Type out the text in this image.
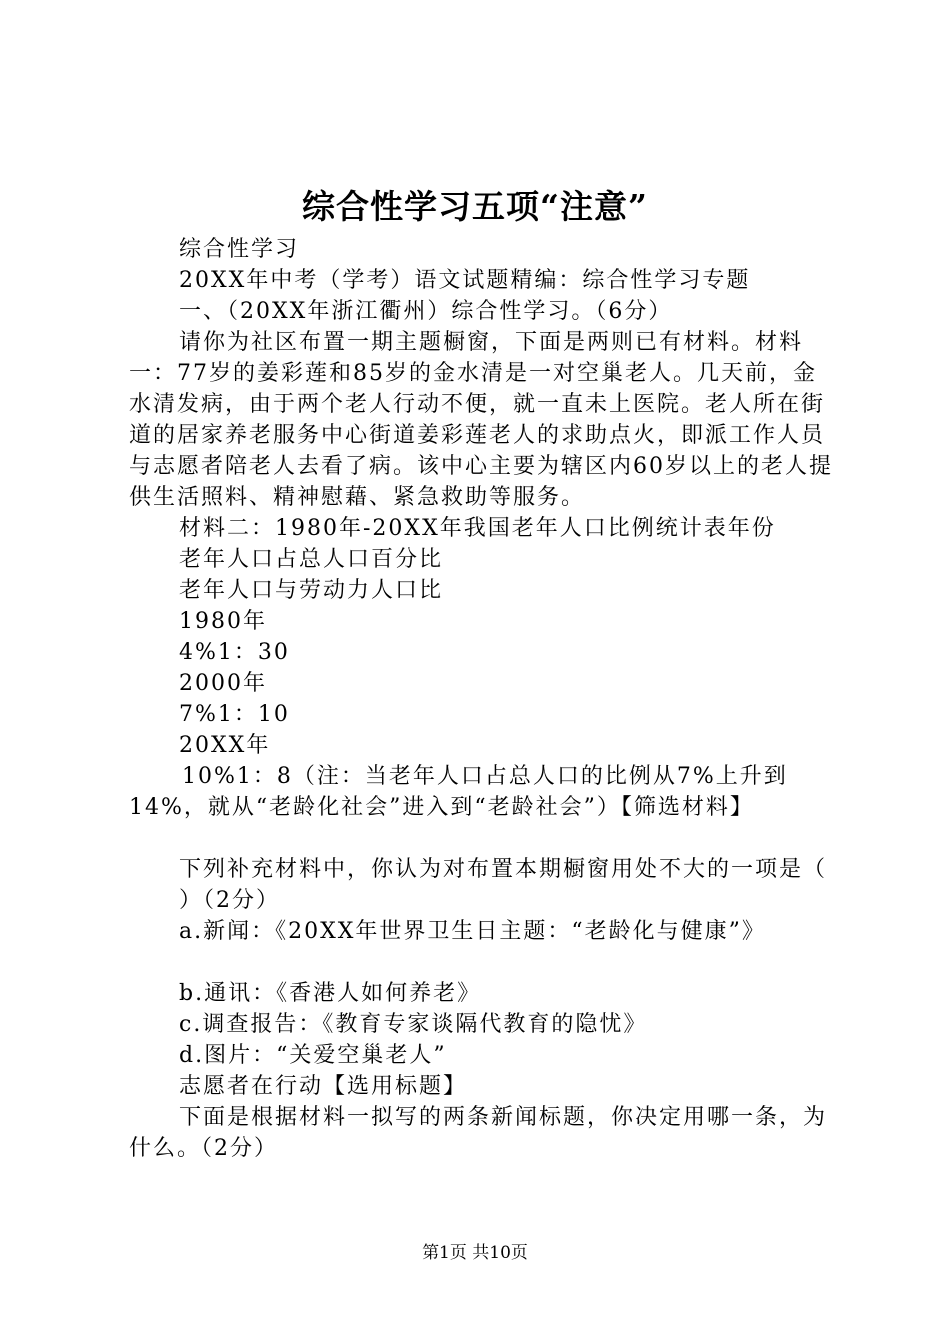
综合性学习五项“注意”

综合性学习

20XX年中考（学考）语文试题精编：综合性学习专题

一、（20XX年浙江衢州）综合性学习。（6分）

请你为社区布置一期主题橱窗，下面是两则已有材料。材料一：77岁的姜彩莲和85岁的金水清是一对空巢老人。几天前，金水清发病，由于两个老人行动不便，就一直未上医院。老人所在街道的居家养老服务中心街道姜彩莲老人的求助点火，即派工作人员与志愿者陪老人去看了病。该中心主要为辖区内60岁以上的老人提供生活照料、精神慰藉、紧急救助等服务。

材料二：1980年-20XX年我国老年人口比例统计表年份

老年人口占总人口百分比

老年人口与劳动力人口比

1980年

4%1：30

2000年

7%1：10

20XX年

10%1：8（注：当老年人口占总人口的比例从7%上升到14%，就从“老龄化社会”进入到“老龄社会”）【筛选材料】

下列补充材料中，你认为对布置本期橱窗用处不大的一项是（

）（2分）

a.新闻：《20XX年世界卫生日主题：“老龄化与健康”》

b.通讯：《香港人如何养老》

c.调查报告：《教育专家谈隔代教育的隐忧》

d.图片：“关爱空巢老人”

志愿者在行动【选用标题】

下面是根据材料一拟写的两条新闻标题，你决定用哪一条，为什么。（2分）

第1页 共10页
